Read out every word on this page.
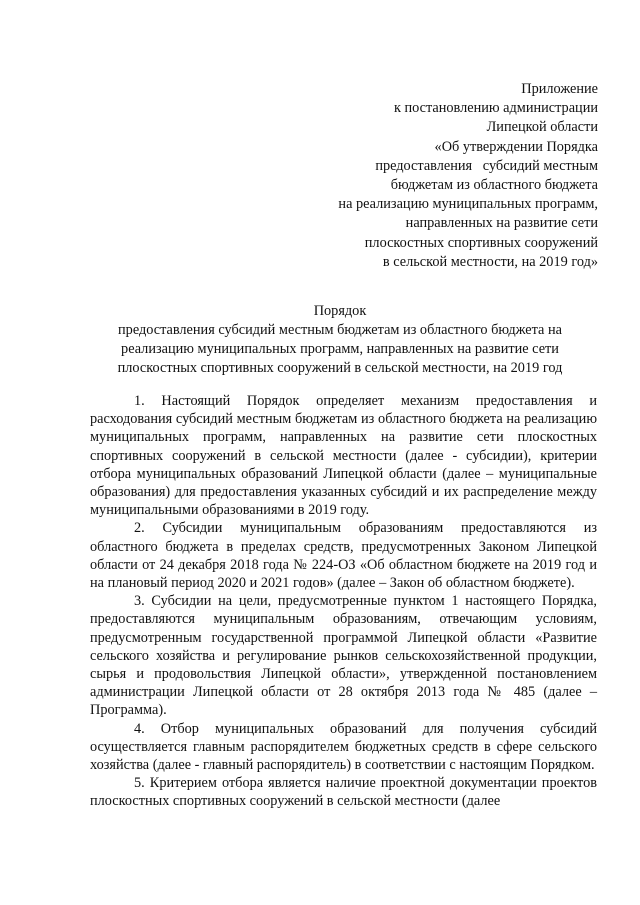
Приложение
к постановлению администрации
Липецкой области
«Об утверждении Порядка
предоставления   субсидий местным
бюджетам из областного бюджета
на реализацию муниципальных программ,
направленных на развитие сети
плоскостных спортивных сооружений
в сельской местности, на 2019 год»
Порядок
предоставления субсидий местным бюджетам из областного бюджета на
реализацию муниципальных программ, направленных на развитие сети
плоскостных спортивных сооружений в сельской местности, на 2019 год

1. Настоящий Порядок определяет механизм предоставления и расходования субсидий местным бюджетам из областного бюджета на реализацию муниципальных программ, направленных на развитие сети плоскостных спортивных сооружений в сельской местности (далее - субсидии), критерии отбора муниципальных образований Липецкой области (далее – муниципальные образования) для предоставления указанных субсидий и их распределение между муниципальными образованиями в 2019 году.

2. Субсидии муниципальным образованиям предоставляются из областного бюджета в пределах средств, предусмотренных Законом Липецкой области от 24 декабря 2018 года № 224-ОЗ «Об областном бюджете на 2019 год и на плановый период 2020 и 2021 годов» (далее – Закон об областном бюджете).

3. Субсидии на цели, предусмотренные пунктом 1 настоящего Порядка, предоставляются муниципальным образованиям, отвечающим условиям, предусмотренным государственной программой Липецкой области «Развитие сельского хозяйства и регулирование рынков сельскохозяйственной продукции, сырья и продовольствия Липецкой области», утвержденной постановлением администрации Липецкой области от 28 октября 2013 года № 485 (далее – Программа).

4. Отбор муниципальных образований для получения субсидий осуществляется главным распорядителем бюджетных средств в сфере сельского хозяйства (далее - главный распорядитель) в соответствии с настоящим Порядком.

5. Критерием отбора является наличие проектной документации проектов плоскостных спортивных сооружений в сельской местности (далее
